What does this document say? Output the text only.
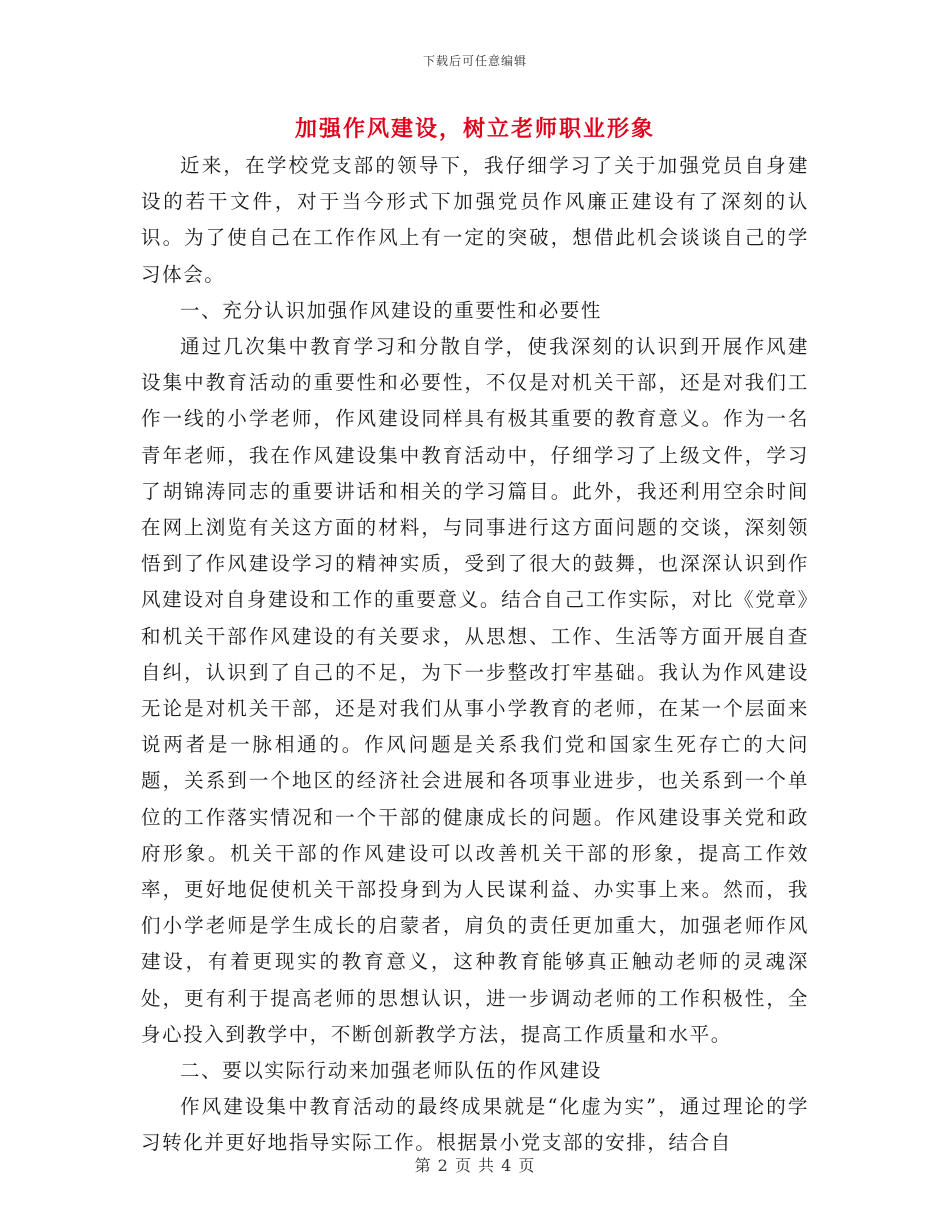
下载后可任意编辑
加强作风建设，树立老师职业形象

近来，在学校党支部的领导下，我仔细学习了关于加强党员自身建设的若干文件，对于当今形式下加强党员作风廉正建设有了深刻的认识。为了使自己在工作作风上有一定的突破，想借此机会谈谈自己的学习体会。

一、充分认识加强作风建设的重要性和必要性

通过几次集中教育学习和分散自学，使我深刻的认识到开展作风建设集中教育活动的重要性和必要性，不仅是对机关干部，还是对我们工作一线的小学老师，作风建设同样具有极其重要的教育意义。作为一名青年老师，我在作风建设集中教育活动中，仔细学习了上级文件，学习了胡锦涛同志的重要讲话和相关的学习篇目。此外，我还利用空余时间在网上浏览有关这方面的材料，与同事进行这方面问题的交谈，深刻领悟到了作风建设学习的精神实质，受到了很大的鼓舞，也深深认识到作风建设对自身建设和工作的重要意义。结合自己工作实际，对比《党章》和机关干部作风建设的有关要求，从思想、工作、生活等方面开展自查自纠，认识到了自己的不足，为下一步整改打牢基础。我认为作风建设无论是对机关干部，还是对我们从事小学教育的老师，在某一个层面来说两者是一脉相通的。作风问题是关系我们党和国家生死存亡的大问题，关系到一个地区的经济社会进展和各项事业进步，也关系到一个单位的工作落实情况和一个干部的健康成长的问题。作风建设事关党和政府形象。机关干部的作风建设可以改善机关干部的形象，提高工作效率，更好地促使机关干部投身到为人民谋利益、办实事上来。然而，我们小学老师是学生成长的启蒙者，肩负的责任更加重大，加强老师作风建设，有着更现实的教育意义，这种教育能够真正触动老师的灵魂深处，更有利于提高老师的思想认识，进一步调动老师的工作积极性，全身心投入到教学中，不断创新教学方法，提高工作质量和水平。

二、要以实际行动来加强老师队伍的作风建设

作风建设集中教育活动的最终成果就是“化虚为实”，通过理论的学习转化并更好地指导实际工作。根据景小党支部的安排，结合自

第 2 页 共 4 页
